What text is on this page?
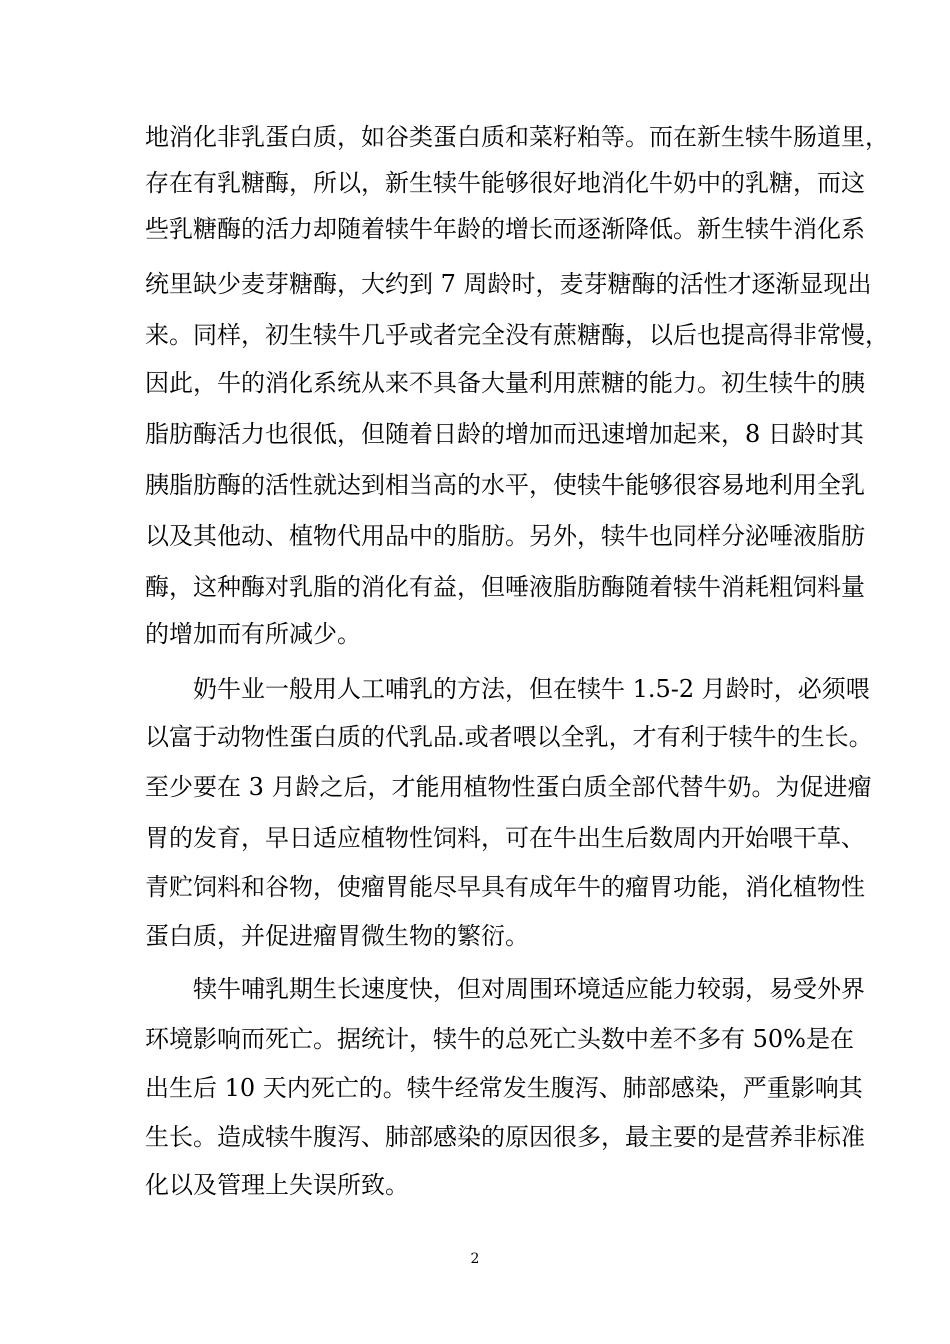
地消化非乳蛋白质，如谷类蛋白质和菜籽粕等。而在新生犊牛肠道里，
存在有乳糖酶，所以，新生犊牛能够很好地消化牛奶中的乳糖，而这
些乳糖酶的活力却随着犊牛年龄的增长而逐渐降低。新生犊牛消化系
统里缺少麦芽糖酶，大约到 7 周龄时，麦芽糖酶的活性才逐渐显现出
来。同样，初生犊牛几乎或者完全没有蔗糖酶，以后也提高得非常慢，
因此，牛的消化系统从来不具备大量利用蔗糖的能力。初生犊牛的胰
脂肪酶活力也很低，但随着日龄的增加而迅速增加起来，8 日龄时其
胰脂肪酶的活性就达到相当高的水平，使犊牛能够很容易地利用全乳
以及其他动、植物代用品中的脂肪。另外，犊牛也同样分泌唾液脂肪
酶，这种酶对乳脂的消化有益，但唾液脂肪酶随着犊牛消耗粗饲料量
的增加而有所减少。
奶牛业一般用人工哺乳的方法，但在犊牛 1.5-2 月龄时，必须喂
以富于动物性蛋白质的代乳品.或者喂以全乳，才有利于犊牛的生长。
至少要在 3 月龄之后，才能用植物性蛋白质全部代替牛奶。为促进瘤
胃的发育，早日适应植物性饲料，可在牛出生后数周内开始喂干草、
青贮饲料和谷物，使瘤胃能尽早具有成年牛的瘤胃功能，消化植物性
蛋白质，并促进瘤胃微生物的繁衍。
犊牛哺乳期生长速度快，但对周围环境适应能力较弱，易受外界
环境影响而死亡。据统计，犊牛的总死亡头数中差不多有 50%是在
出生后 10 天内死亡的。犊牛经常发生腹泻、肺部感染，严重影响其
生长。造成犊牛腹泻、肺部感染的原因很多，最主要的是营养非标准
化以及管理上失误所致。
2
